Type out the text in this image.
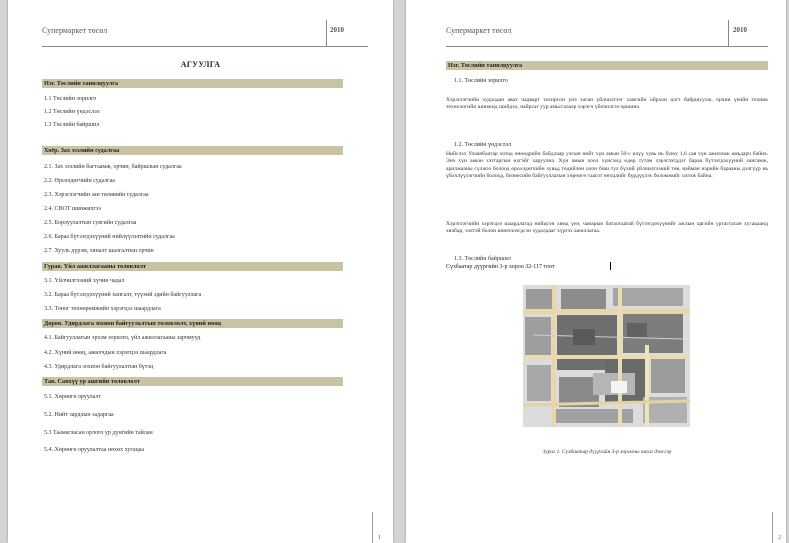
Супермаркет төсөл	2010
АГУУЛГА
Нэг. Төслийн танилцуулга
1.1 Төслийн зорилго
1.2 Төслийн үндэслэл
1.3 Төслийн байршил
Хоёр. Зах зээлийн судалгаа
2.1. Зах зээлийн багтаамж, орчин, байршлын судалгаа
2.2. Өрсөлдөгчийн судалгаа
2.3. Хэрэглэгчийн зан төлөвийн судалгаа
2.4. СВОТ шинжилгээ
2.5. Борлуулалтын сувгийн судалгаа
2.6. Бараа бүтээгдэхүүний нийлүүлэлтийн судалгаа
2.7. Хууль дүрэм, хяналт шалгалтын орчин
Гурав. Үйл ажиллагааны төлөвлөлт
3.1. Үйлчилгээний хүчин чадал
3.2. Бараа бүтээгдэхүүний хангалт, түүхий эдийн байгууллага
3.3. Тоног төхөөрөмжийн хэрэгцээ шаардлага
Дөрөв. Удирдлага зохион байгуулалтын төлөвлөлт, хүний нөөц
4.1. Байгууллагын эрхэм зорилго, үйл ажиллагааны зарчмууд
4.2. Хүний нөөц, ажилчдын хэрэгцээ шаардлага
4.3. Удирдлага зохион байгуулалтын бүтэц
Тав. Санхүү ур ашгийн төлөвлөлт
5.1. Хөрөнгө оруулалт
5.2. Нийт зардлын задаргаа
5.3 Таамагласан орлого ур дүнгийн тайлан
5.4. Хөрөнгө оруулалтаа нөхөх хугацаа
1
Супермаркет төсөл	2010
Нэг. Төслийн танилцуулга
1.1. Төслийн зорилго
Хэрэглэгчийн худалдан авах чадварт тохирсон үнэ хаган үйлчилгээг хамгийн ойрхон цэгт байршуулж, орчин үеийн техник технологийн шинжид шийдэл, найрсаг уур амьсгалаар хэрэгч үйлчилгээ оршино.
1.2. Төслийн үндэслэл
Нийслэл Улаанбаатар хотод өнөөдрийн байдлаар улсын нийт хүн амын 50-с илүү хувь нь буюу 1,6 сая хүн ажиллаж амьдарч байна. Энэ хүн амын хэтгаргын өхгэйг харуулна. Хүн амын хоол хүнсэнд өдөр тутам хэрэглэгддэг бараа бүтээгдэхүүний хангамж, арилжааны сүлжээ болоод өрсөлдөгчийн хувьд төдийлөн олон биш тул бүхий үйлчилгээний төв, найман нэрийн барааны дэлгүүр нь үйлчлүүлэгчийн болоод, бизнесийн байгууллагын хөрөнгө тааглт нөхцлийг бүрдүүлэх боломжийг олгож байна.
Хэрэглэгчийн хэрэгцээ шаардлагад нийцсэн хямд үнэ, чанарын баталгаатай бүтээгдэхүүнийг ажлын цагийн уртасгасан хугацаанд хялбар, ээлтэй болон шинэчлэгдсэн худалдааг хүргэх ажиллагаа.
1.3. Төслийн байршил
Сүхбаатар дүүргийн 3-р хороо 32-117 тоот
Зураг 1. Сүхбаатар дүүргийн 3-р хорооны чигаг дэвсгэр
2
